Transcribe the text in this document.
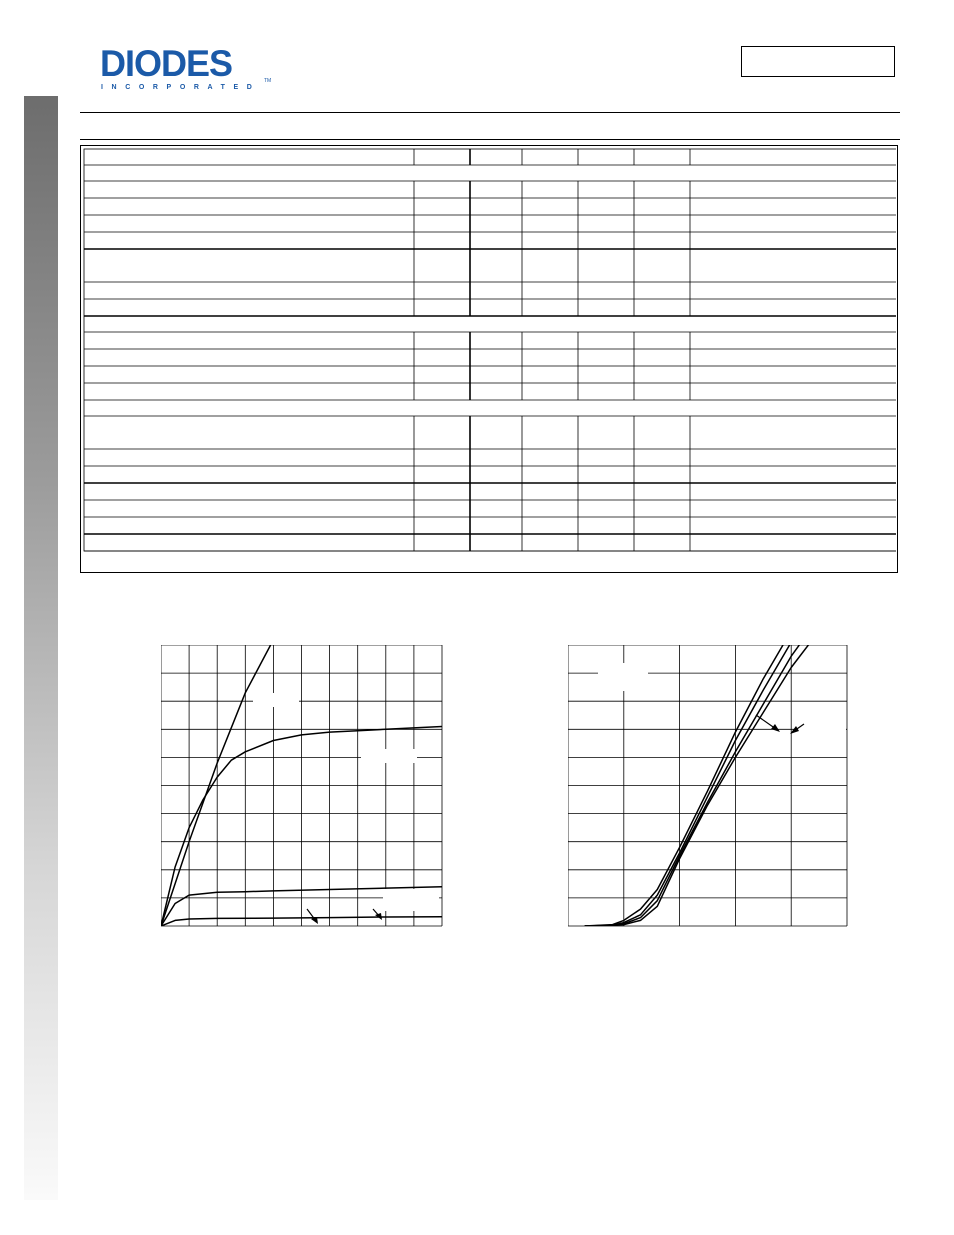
DIODES
INCORPORATED
TM
